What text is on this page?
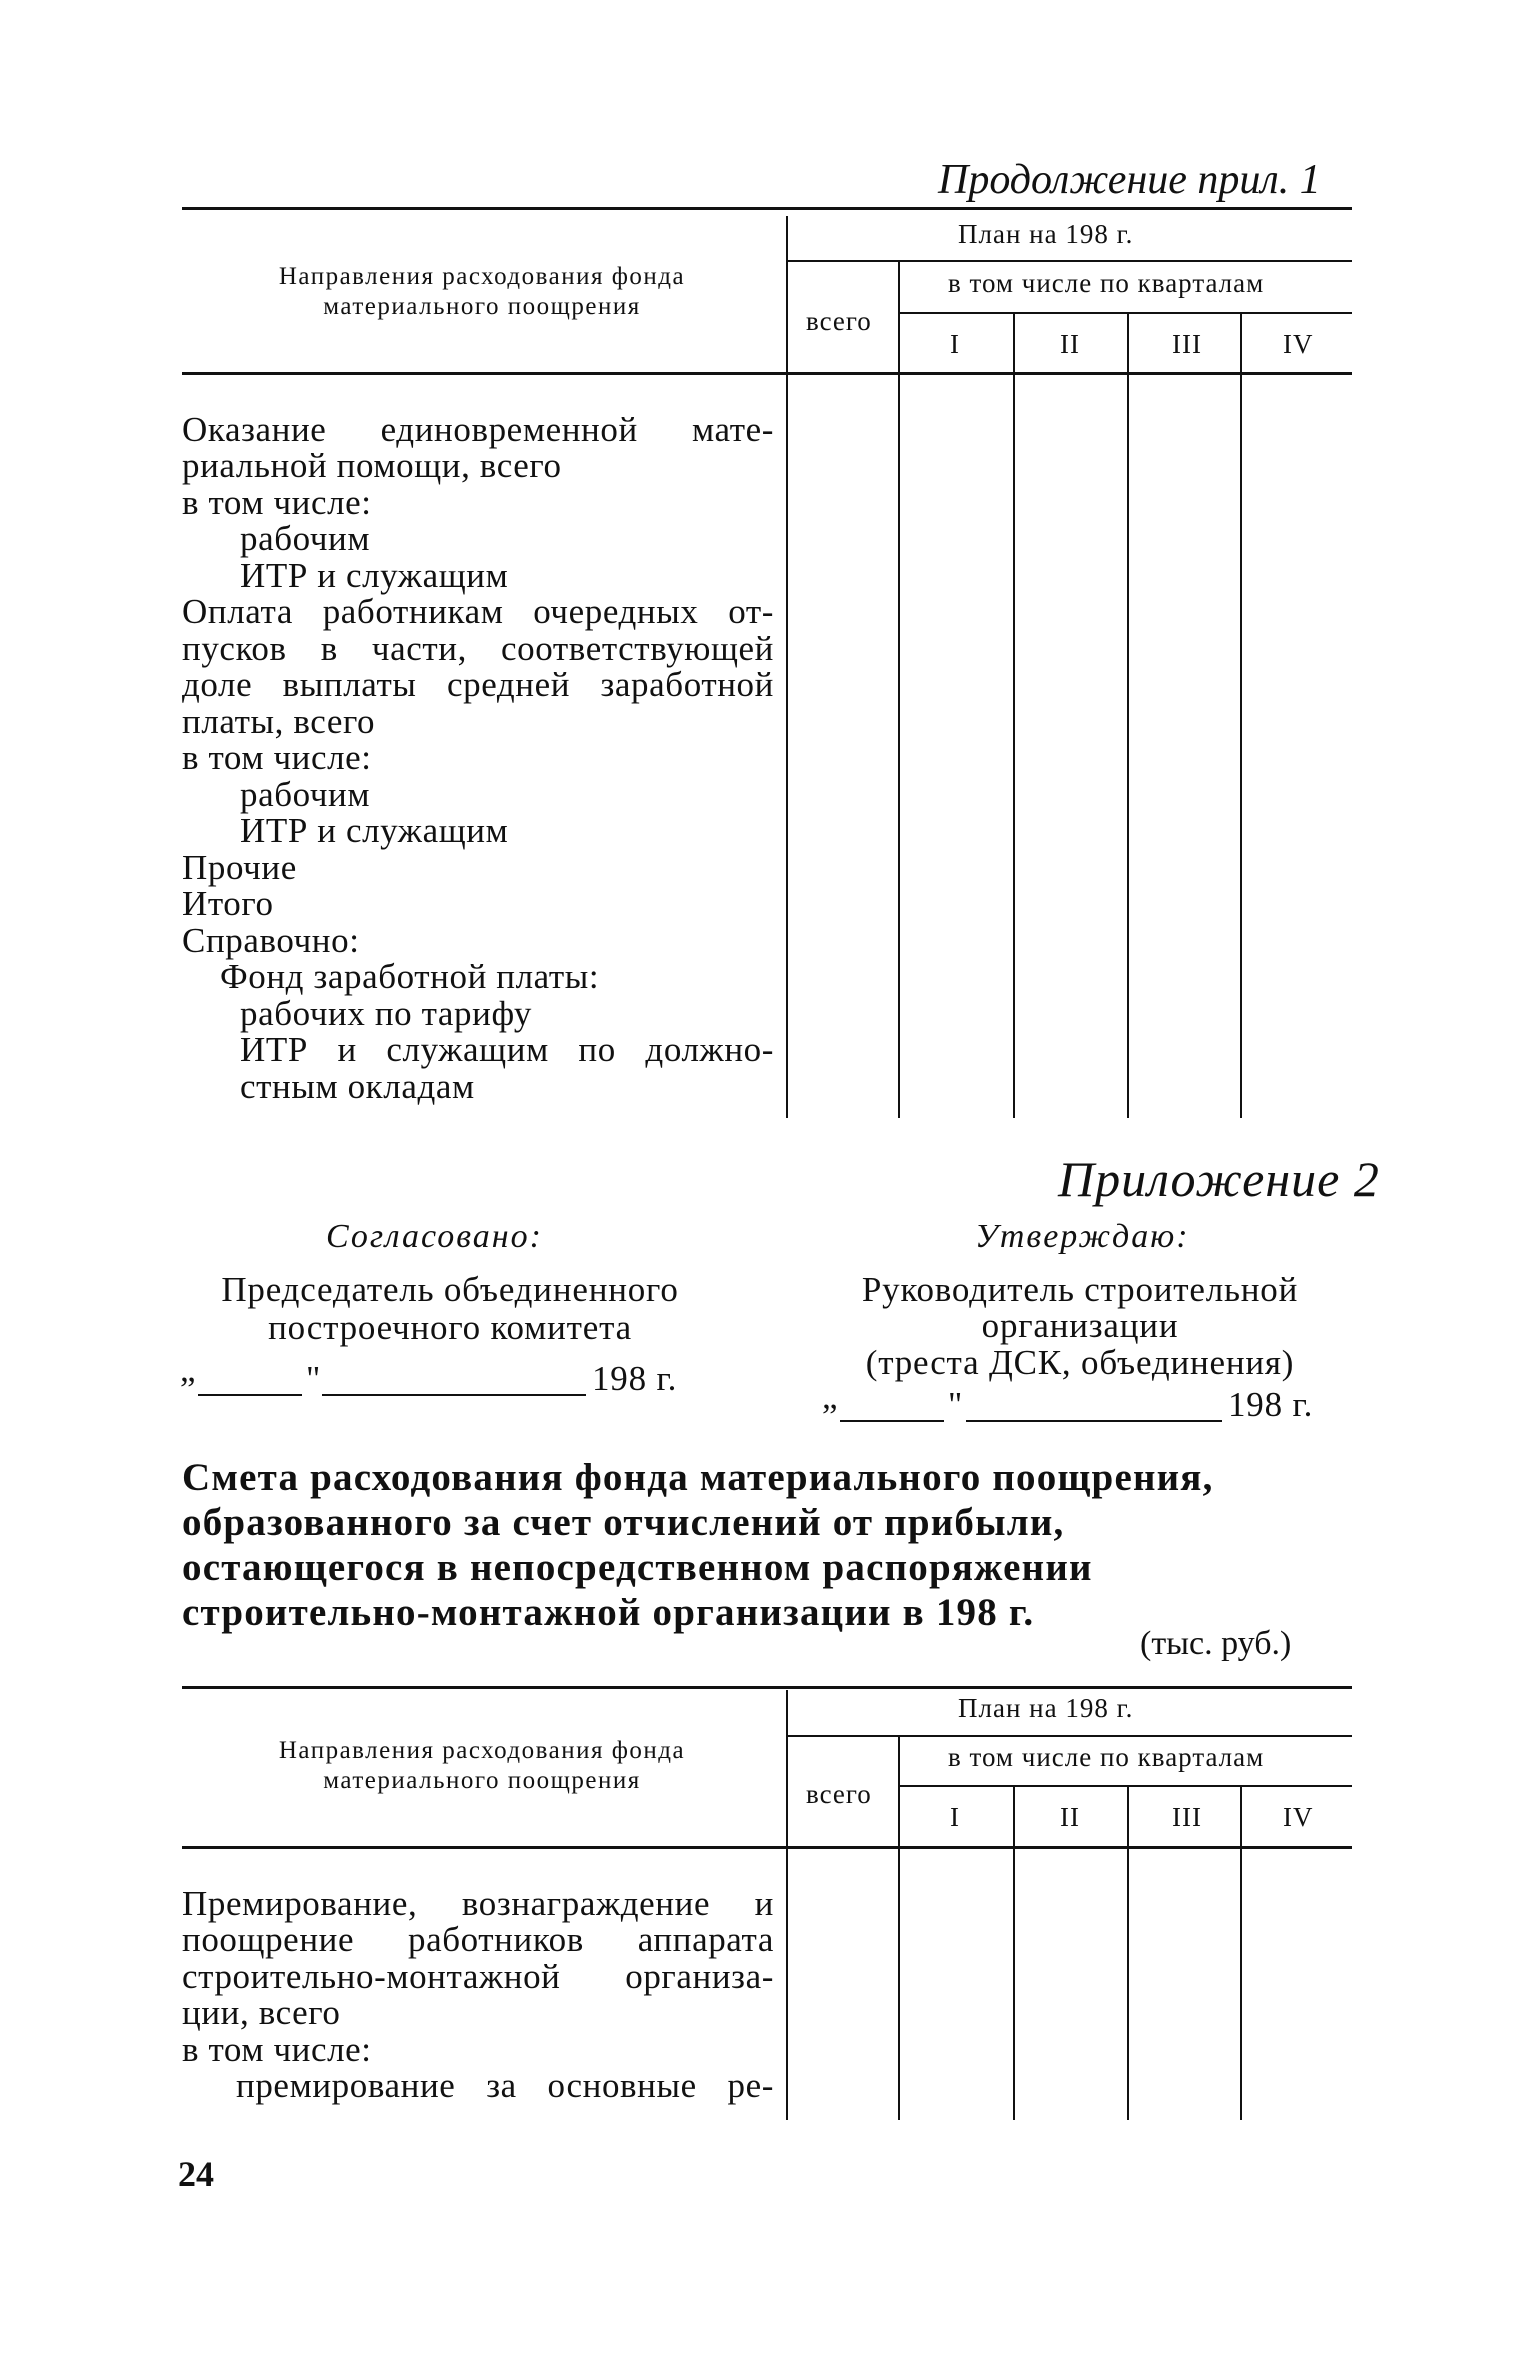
Продолжение прил. 1
Направления расходования фонда
материального поощрения
План на 198 г.
всего
в том числе по кварталам
I	II	III	IV
Оказание единовременной мате-
риальной помощи, всего
в том числе:
рабочим
ИТР и служащим
Оплата работникам очередных от-
пусков в части, соответствующей
доле выплаты средней заработной
платы, всего
в том числе:
рабочим
ИТР и служащим
Прочие
Итого
Справочно:
Фонд заработной платы:
рабочих по тарифу
ИТР и служащим по должно-
стным окладам
Приложение 2
Согласовано:
Председатель объединенного
построечного комитета
„	"	198 г.
Утверждаю:
Руководитель строительной
организации
(треста ДСК, объединения)
„	"	198 г.
Смета расходования фонда материального поощрения,
образованного за счет отчислений от прибыли,
остающегося в непосредственном распоряжении
строительно-монтажной организации в 198 г.
(тыс. руб.)
Направления расходования фонда
материального поощрения
План на 198 г.
всего
в том числе по кварталам
I	II	III	IV
Премирование, вознаграждение и
поощрение работников аппарата
строительно-монтажной организа-
ции, всего
в том числе:
премирование за основные ре-
24
